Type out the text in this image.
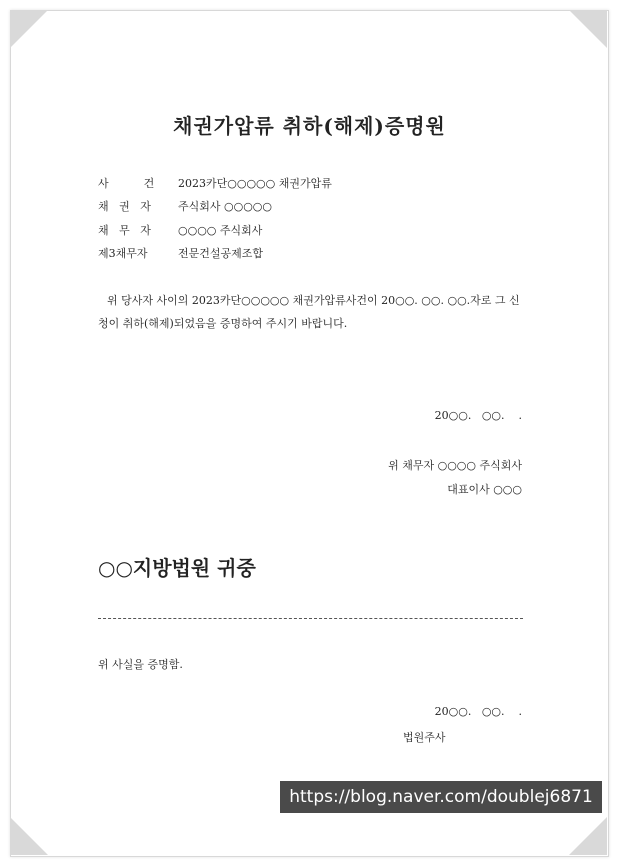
채권가압류 취하(해제)증명원
사          건	2023카단○○○○○ 채권가압류
채   권   자	주식회사 ○○○○○
채   무   자	○○○○ 주식회사
제3채무자	전문건설공제조합
위 당사자 사이의 2023카단○○○○○ 채권가압류사건이 20○○. ○○. ○○.자로 그 신청이 취하(해제)되었음을 증명하여 주시기 바랍니다.
20○○.   ○○.    .
위 채무자 ○○○○ 주식회사
대표이사 ○○○
○○지방법원 귀중
위 사실을 증명함.
20○○.   ○○.    .
법원주사
https://blog.naver.com/doublej6871
